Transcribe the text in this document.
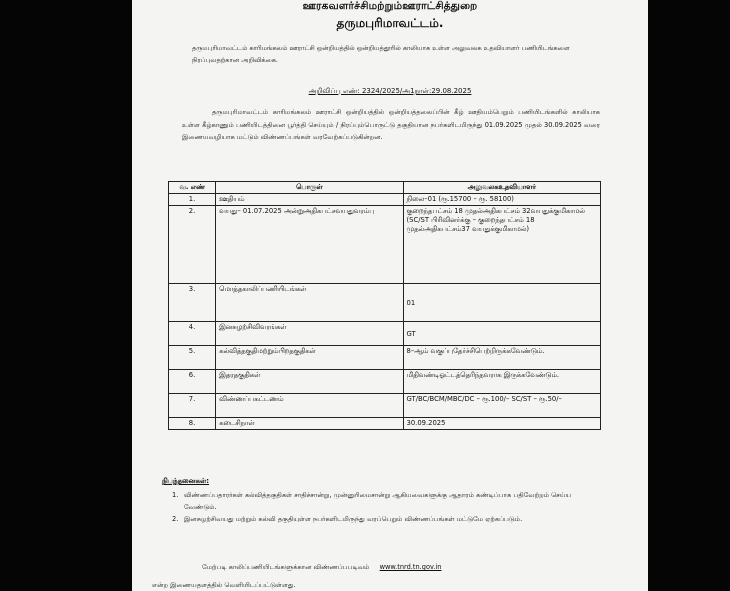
ஊரகவளர்ச்சிமற்றும்ஊராட்சித்துறை
தருமபுரிமாவட்டம்.
தருமபுரிமாவட்டம் காரிமங்கலம் ஊராட்சி ஒன்றியத்தில் ஒன்றியத்தூரில் காலியாக உள்ள அலுவலக உதவியாளர் பணியிடங்களை நிரப்புவதற்கான அறிவிக்கை.
அறிவிப்பு எண்: 2324/2025/அ1நாள்:29.08.2025
தருமபுரிமாவட்டம் காரிமங்கலம் ஊராட்சி ஒன்றியத்தில் ஒன்றியத்தலைப்பின் கீழ் ஊதியம்பெறும் பணியிடங்களில் காலியாக உள்ள கீழ்காணும் பணியிடத்தினை பூர்த்தி செய்யும் / நிரப்பும்பொருட்டு தகுதியான நபர்களிடமிருந்து 01.09.2025 முதல் 30.09.2025 வரை இணையவழியாக மட்டும் விண்ணப்பங்கள் வரவேற்கப்படுகின்றன.
வ. எண்	பொருள்	அலுவலகஉதவியாளர்
1.	ஊதியம்	நிலை–01 (ரூ.15700 – ரூ. 58100)
2.	வயது– 01.07.2025 அன்றுஅதிகபட்சவயதுவரம்பு	குறைந்தபட்சம் 18 முதல்அதிகபட்சம் 32வயதுக்குமிகாமல் (SC/ST பிரிவினர்க்கு – குறைந்தபட்சம் 18 முதல்அதிகபட்சம்37 வயதுக்குமிகாமல்)
3.	மொத்தகாலிப்பணியிடங்கள்	01
4.	இனசுழற்சிவிவரங்கள்	GT
5.	கல்வித்தகுதிமற்றும்பிறதகுதிகள்	8–ஆம் வகுப்புதேர்ச்சிபெற்றிருக்கவேண்டும்.
6.	இதரதகுதிகள்	மிதிவண்டிஓட்டத்தெரிந்தவராக இருக்கவேண்டும்.
7.	விண்ணப்பகட்டணம்	GT/BC/BCM/MBC/DC – ரூ.100/– SC/ST – ரூ.50/–
8.	கடைசிநாள்	30.09.2025
நிபந்தனைகள்:
1. விண்ணப்பதாரர்கள் கல்வித்தகுதிகள் சாதிச்சான்று, முன்னுரிமைசான்று ஆகியவைகளுக்கு ஆதாரம் கண்டிப்பாக பதிவேற்றம் செய்ய வேண்டும்.
2. இனசுழற்சிவயது மற்றும் கல்வி தகுதியுள்ள நபர்களிடமிருந்து வரப்பெறும் விண்ணப்பங்கள் மட்டுமே ஏற்கப்படும்.
மேற்படி காலிப்பணியிடங்களுக்கான விண்ணப்பபடிவம் www.tnrd.tn.gov.in
என்ற இணையதளத்தில் வெளியிடப்பட்டுள்ளது.
